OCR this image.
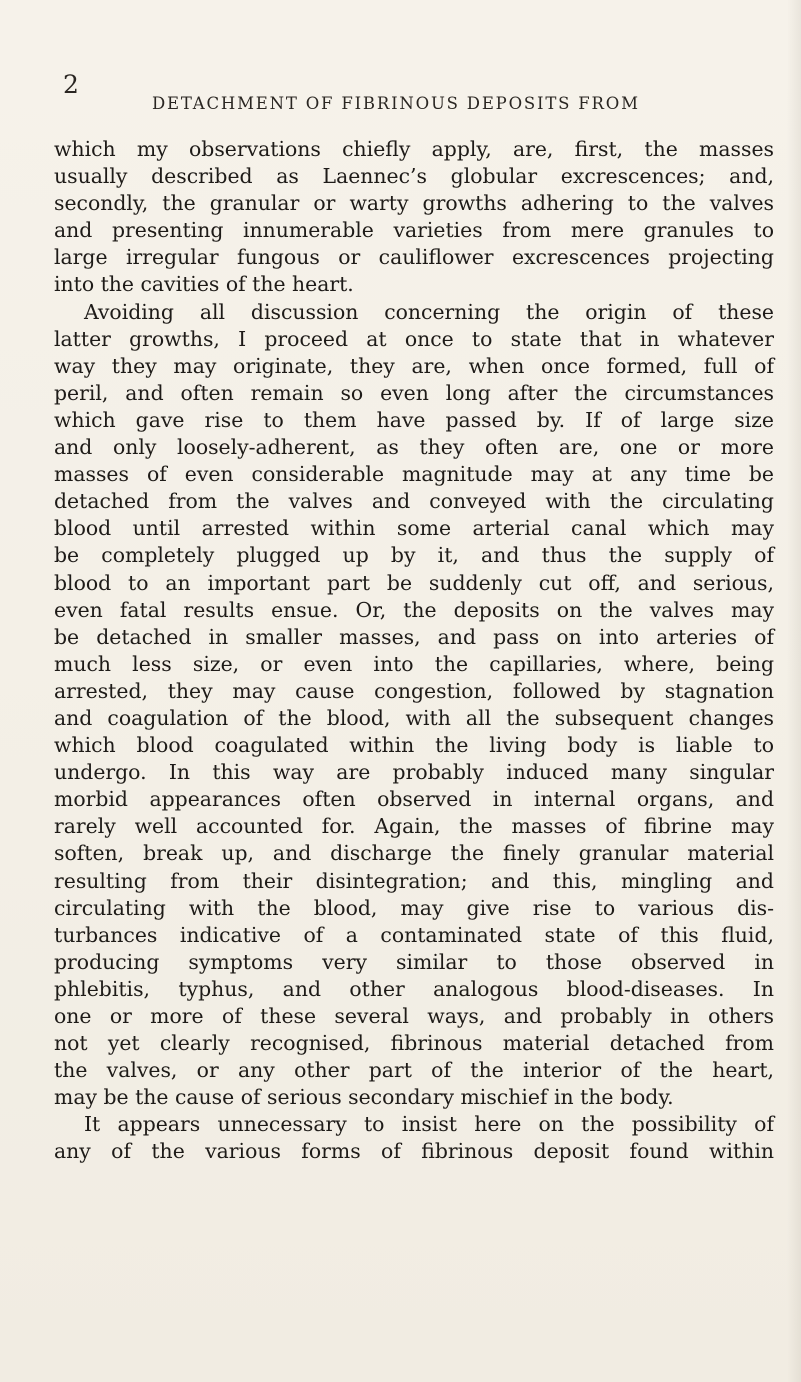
2
DETACHMENT OF FIBRINOUS DEPOSITS FROM
which my observations chiefly apply, are, first, the masses
usually described as Laennec’s globular excrescences; and,
secondly, the granular or warty growths adhering to the valves
and presenting innumerable varieties from mere granules to
large irregular fungous or cauliflower excrescences projecting
into the cavities of the heart.
Avoiding all discussion concerning the origin of these
latter growths, I proceed at once to state that in whatever
way they may originate, they are, when once formed, full of
peril, and often remain so even long after the circumstances
which gave rise to them have passed by. If of large size
and only loosely-adherent, as they often are, one or more
masses of even considerable magnitude may at any time be
detached from the valves and conveyed with the circulating
blood until arrested within some arterial canal which may
be completely plugged up by it, and thus the supply of
blood to an important part be suddenly cut off, and serious,
even fatal results ensue. Or, the deposits on the valves may
be detached in smaller masses, and pass on into arteries of
much less size, or even into the capillaries, where, being
arrested, they may cause congestion, followed by stagnation
and coagulation of the blood, with all the subsequent changes
which blood coagulated within the living body is liable to
undergo. In this way are probably induced many singular
morbid appearances often observed in internal organs, and
rarely well accounted for. Again, the masses of fibrine may
soften, break up, and discharge the finely granular material
resulting from their disintegration; and this, mingling and
circulating with the blood, may give rise to various dis-
turbances indicative of a contaminated state of this fluid,
producing symptoms very similar to those observed in
phlebitis, typhus, and other analogous blood-diseases. In
one or more of these several ways, and probably in others
not yet clearly recognised, fibrinous material detached from
the valves, or any other part of the interior of the heart,
may be the cause of serious secondary mischief in the body.
It appears unnecessary to insist here on the possibility of
any of the various forms of fibrinous deposit found within
